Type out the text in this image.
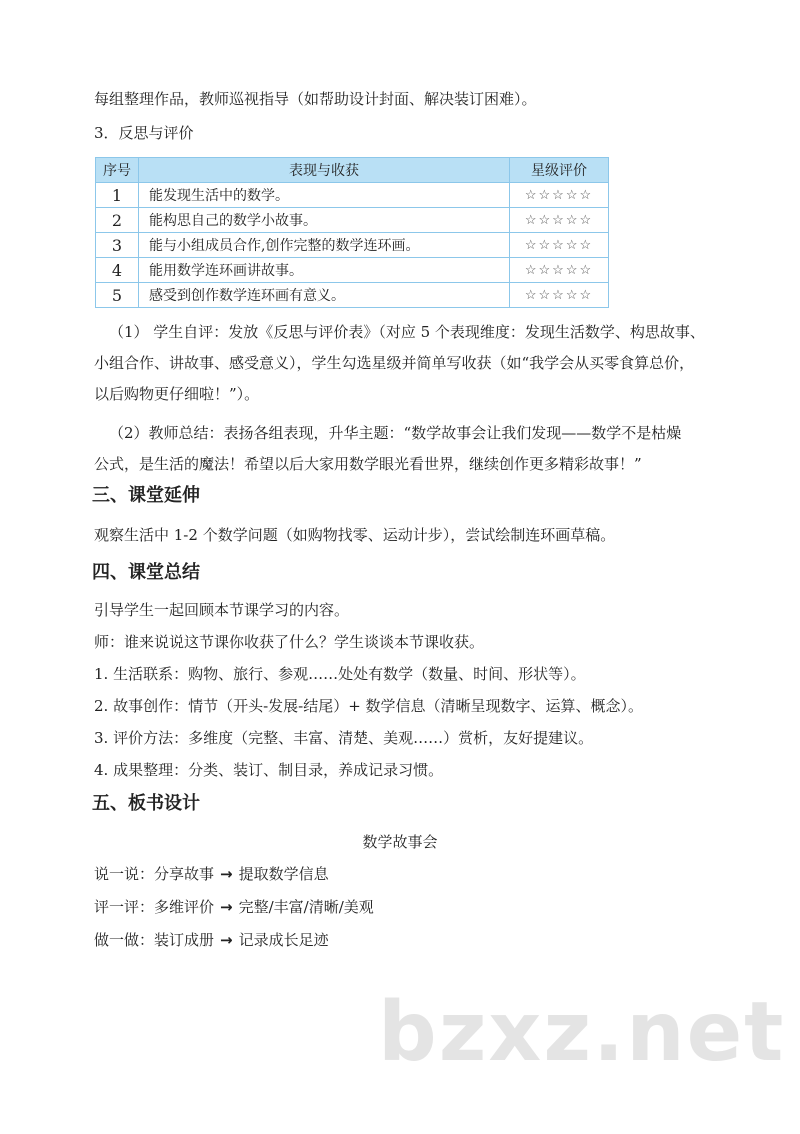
每组整理作品，教师巡视指导（如帮助设计封面、解决装订困难）。

3．反思与评价

序号	表现与收获	星级评价
1	能发现生活中的数学。	☆☆☆☆☆
2	能构思自己的数学小故事。	☆☆☆☆☆
3	能与小组成员合作,创作完整的数学连环画。	☆☆☆☆☆
4	能用数学连环画讲故事。	☆☆☆☆☆
5	感受到创作数学连环画有意义。	☆☆☆☆☆
（1） 学生自评：发放《反思与评价表》（对应 5 个表现维度：发现生活数学、构思故事、
小组合作、讲故事、感受意义），学生勾选星级并简单写收获（如“我学会从买零食算总价，
以后购物更仔细啦！”）。
（2）教师总结：表扬各组表现，升华主题：“数学故事会让我们发现——数学不是枯燥
公式，是生活的魔法！希望以后大家用数学眼光看世界，继续创作更多精彩故事！”
三、课堂延伸

观察生活中 1-2 个数学问题（如购物找零、运动计步），尝试绘制连环画草稿。

四、课堂总结
引导学生一起回顾本节课学习的内容。
师：谁来说说这节课你收获了什么？学生谈谈本节课收获。
1. 生活联系：购物、旅行、参观……处处有数学（数量、时间、形状等）。
2. 故事创作：情节（开头-发展-结尾）+ 数学信息（清晰呈现数字、运算、概念）。
3. 评价方法：多维度（完整、丰富、清楚、美观……）赏析，友好提建议。
4. 成果整理：分类、装订、制目录，养成记录习惯。
五、板书设计
数学故事会
说一说：分享故事 → 提取数学信息
评一评：多维评价 → 完整/丰富/清晰/美观
做一做：装订成册 → 记录成长足迹
bzxz.net
